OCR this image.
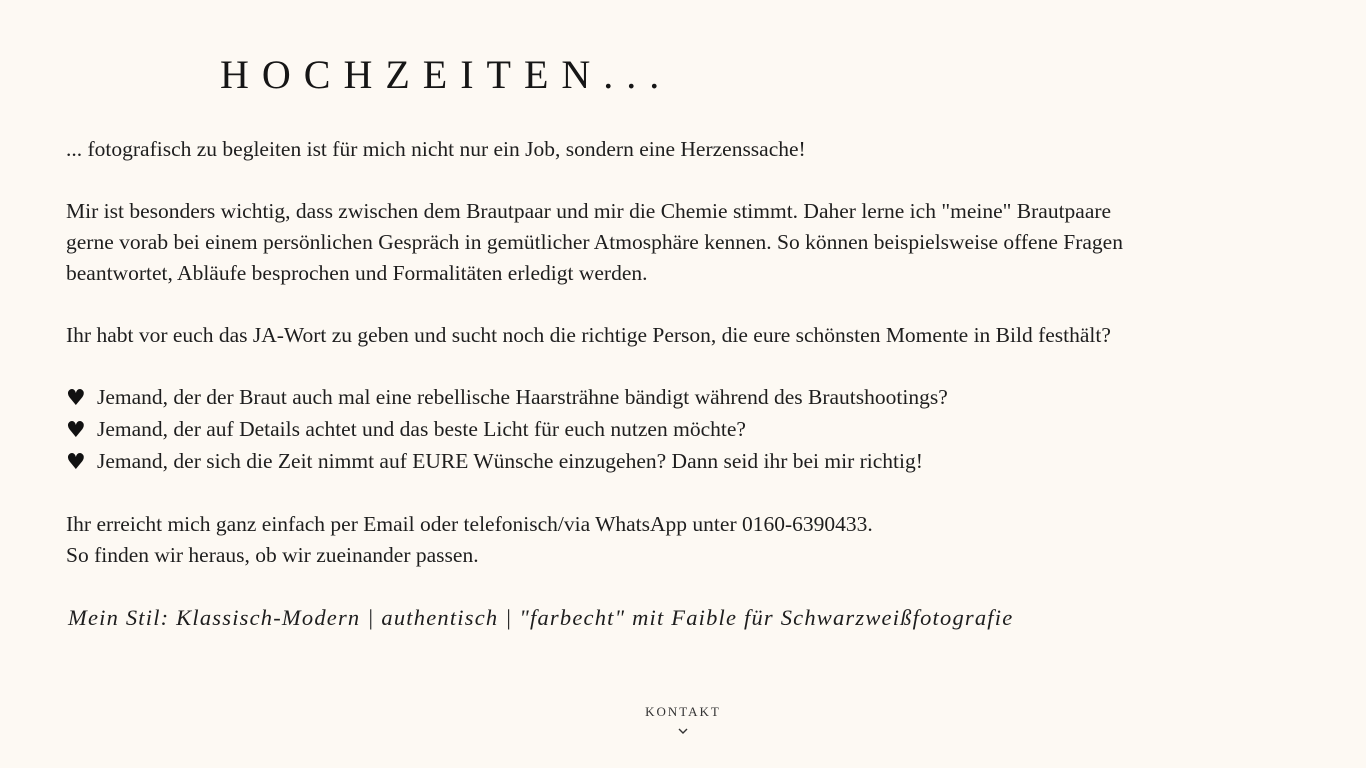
HOCHZEITEN...

... fotografisch zu begleiten ist für mich nicht nur ein Job, sondern eine Herzenssache!

Mir ist besonders wichtig, dass zwischen dem Brautpaar und mir die Chemie stimmt. Daher lerne ich "meine" Brautpaare
gerne vorab bei einem persönlichen Gespräch in gemütlicher Atmosphäre kennen. So können beispielsweise offene Fragen
beantwortet, Abläufe besprochen und Formalitäten erledigt werden.

Ihr habt vor euch das JA-Wort zu geben und sucht noch die richtige Person, die eure schönsten Momente in Bild festhält?

♥ Jemand, der der Braut auch mal eine rebellische Haarsträhne bändigt während des Brautshootings?
♥ Jemand, der auf Details achtet und das beste Licht für euch nutzen möchte?
♥ Jemand, der sich die Zeit nimmt auf EURE Wünsche einzugehen? Dann seid ihr bei mir richtig!

Ihr erreicht mich ganz einfach per Email oder telefonisch/via WhatsApp unter 0160-6390433.
So finden wir heraus, ob wir zueinander passen.

Mein Stil: Klassisch-Modern | authentisch | "farbecht" mit Faible für Schwarzweißfotografie

KONTAKT
